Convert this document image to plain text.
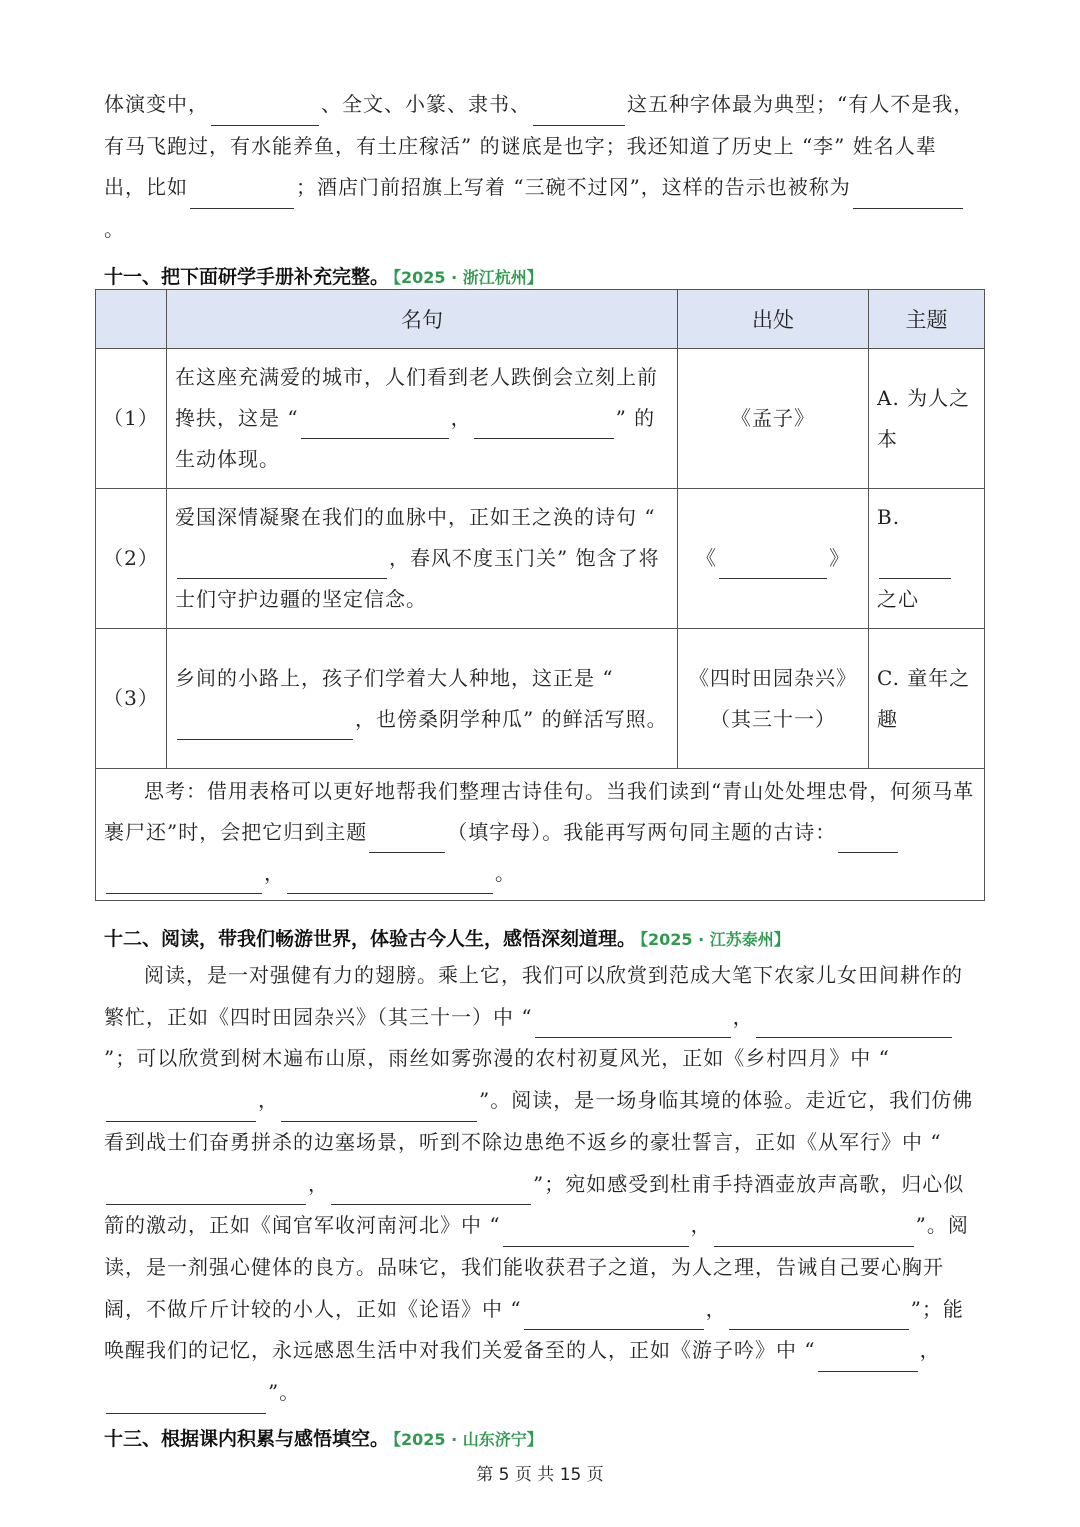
体演变中，	、全文、小篆、隶书、	这五种字体最为典型；“有人不是我，有马飞跑过，有水能养鱼，有土庄稼活” 的谜底是也字；我还知道了历史上 “李” 姓名人辈出，比如	；酒店门前招旗上写着 “三碗不过冈”，这样的告示也被称为。
十一、把下面研学手册补充完整。 【2025 · 浙江杭州】
	名句	出处	主题
（1）	在这座充满爱的城市，人们看到老人跌倒会立刻上前搀扶，这是 “ ， ” 的生动体现。	《孟子》	A. 为人之本
（2）	爱国深情凝聚在我们的血脉中，正如王之涣的诗句 “，春风不度玉门关” 饱含了将士们守护边疆的坚定信念。	《 》	B.
之心
（3）	乡间的小路上，孩子们学着大人种地，这正是 “，也傍桑阴学种瓜” 的鲜活写照。	《四时田园杂兴》
（其三十一）	C. 童年之趣
思考：借用表格可以更好地帮我们整理古诗佳句。当我们读到“青山处处埋忠骨，何须马革裹尸还”时，会把它归到主题 （填字母）。我能再写两句同主题的古诗：
， 。			
十二、阅读，带我们畅游世界，体验古今人生，感悟深刻道理。 【2025 · 江苏泰州】
阅读，是一对强健有力的翅膀。乘上它，我们可以欣赏到范成大笔下农家儿女田间耕作的繁忙，正如《四时田园杂兴》（其三十一）中 “	，”；可以欣赏到树木遍布山原，雨丝如雾弥漫的农村初夏风光，正如《乡村四月》中 “，	”。阅读，是一场身临其境的体验。走近它，我们仿佛看到战士们奋勇拼杀的边塞场景，听到不除边患绝不返乡的豪壮誓言，正如《从军行》中 “，	”；宛如感受到杜甫手持酒壶放声高歌，归心似箭的激动，正如《闻官军收河南河北》中 “	，	”。阅读，是一剂强心健体的良方。品味它，我们能收获君子之道，为人之理，告诫自己要心胸开阔，不做斤斤计较的小人，正如《论语》中 “	，	”；能唤醒我们的记忆，永远感恩生活中对我们关爱备至的人，正如《游子吟》中 “	，”。
十三、根据课内积累与感悟填空。 【2025 · 山东济宁】
第 5 页 共 15 页
